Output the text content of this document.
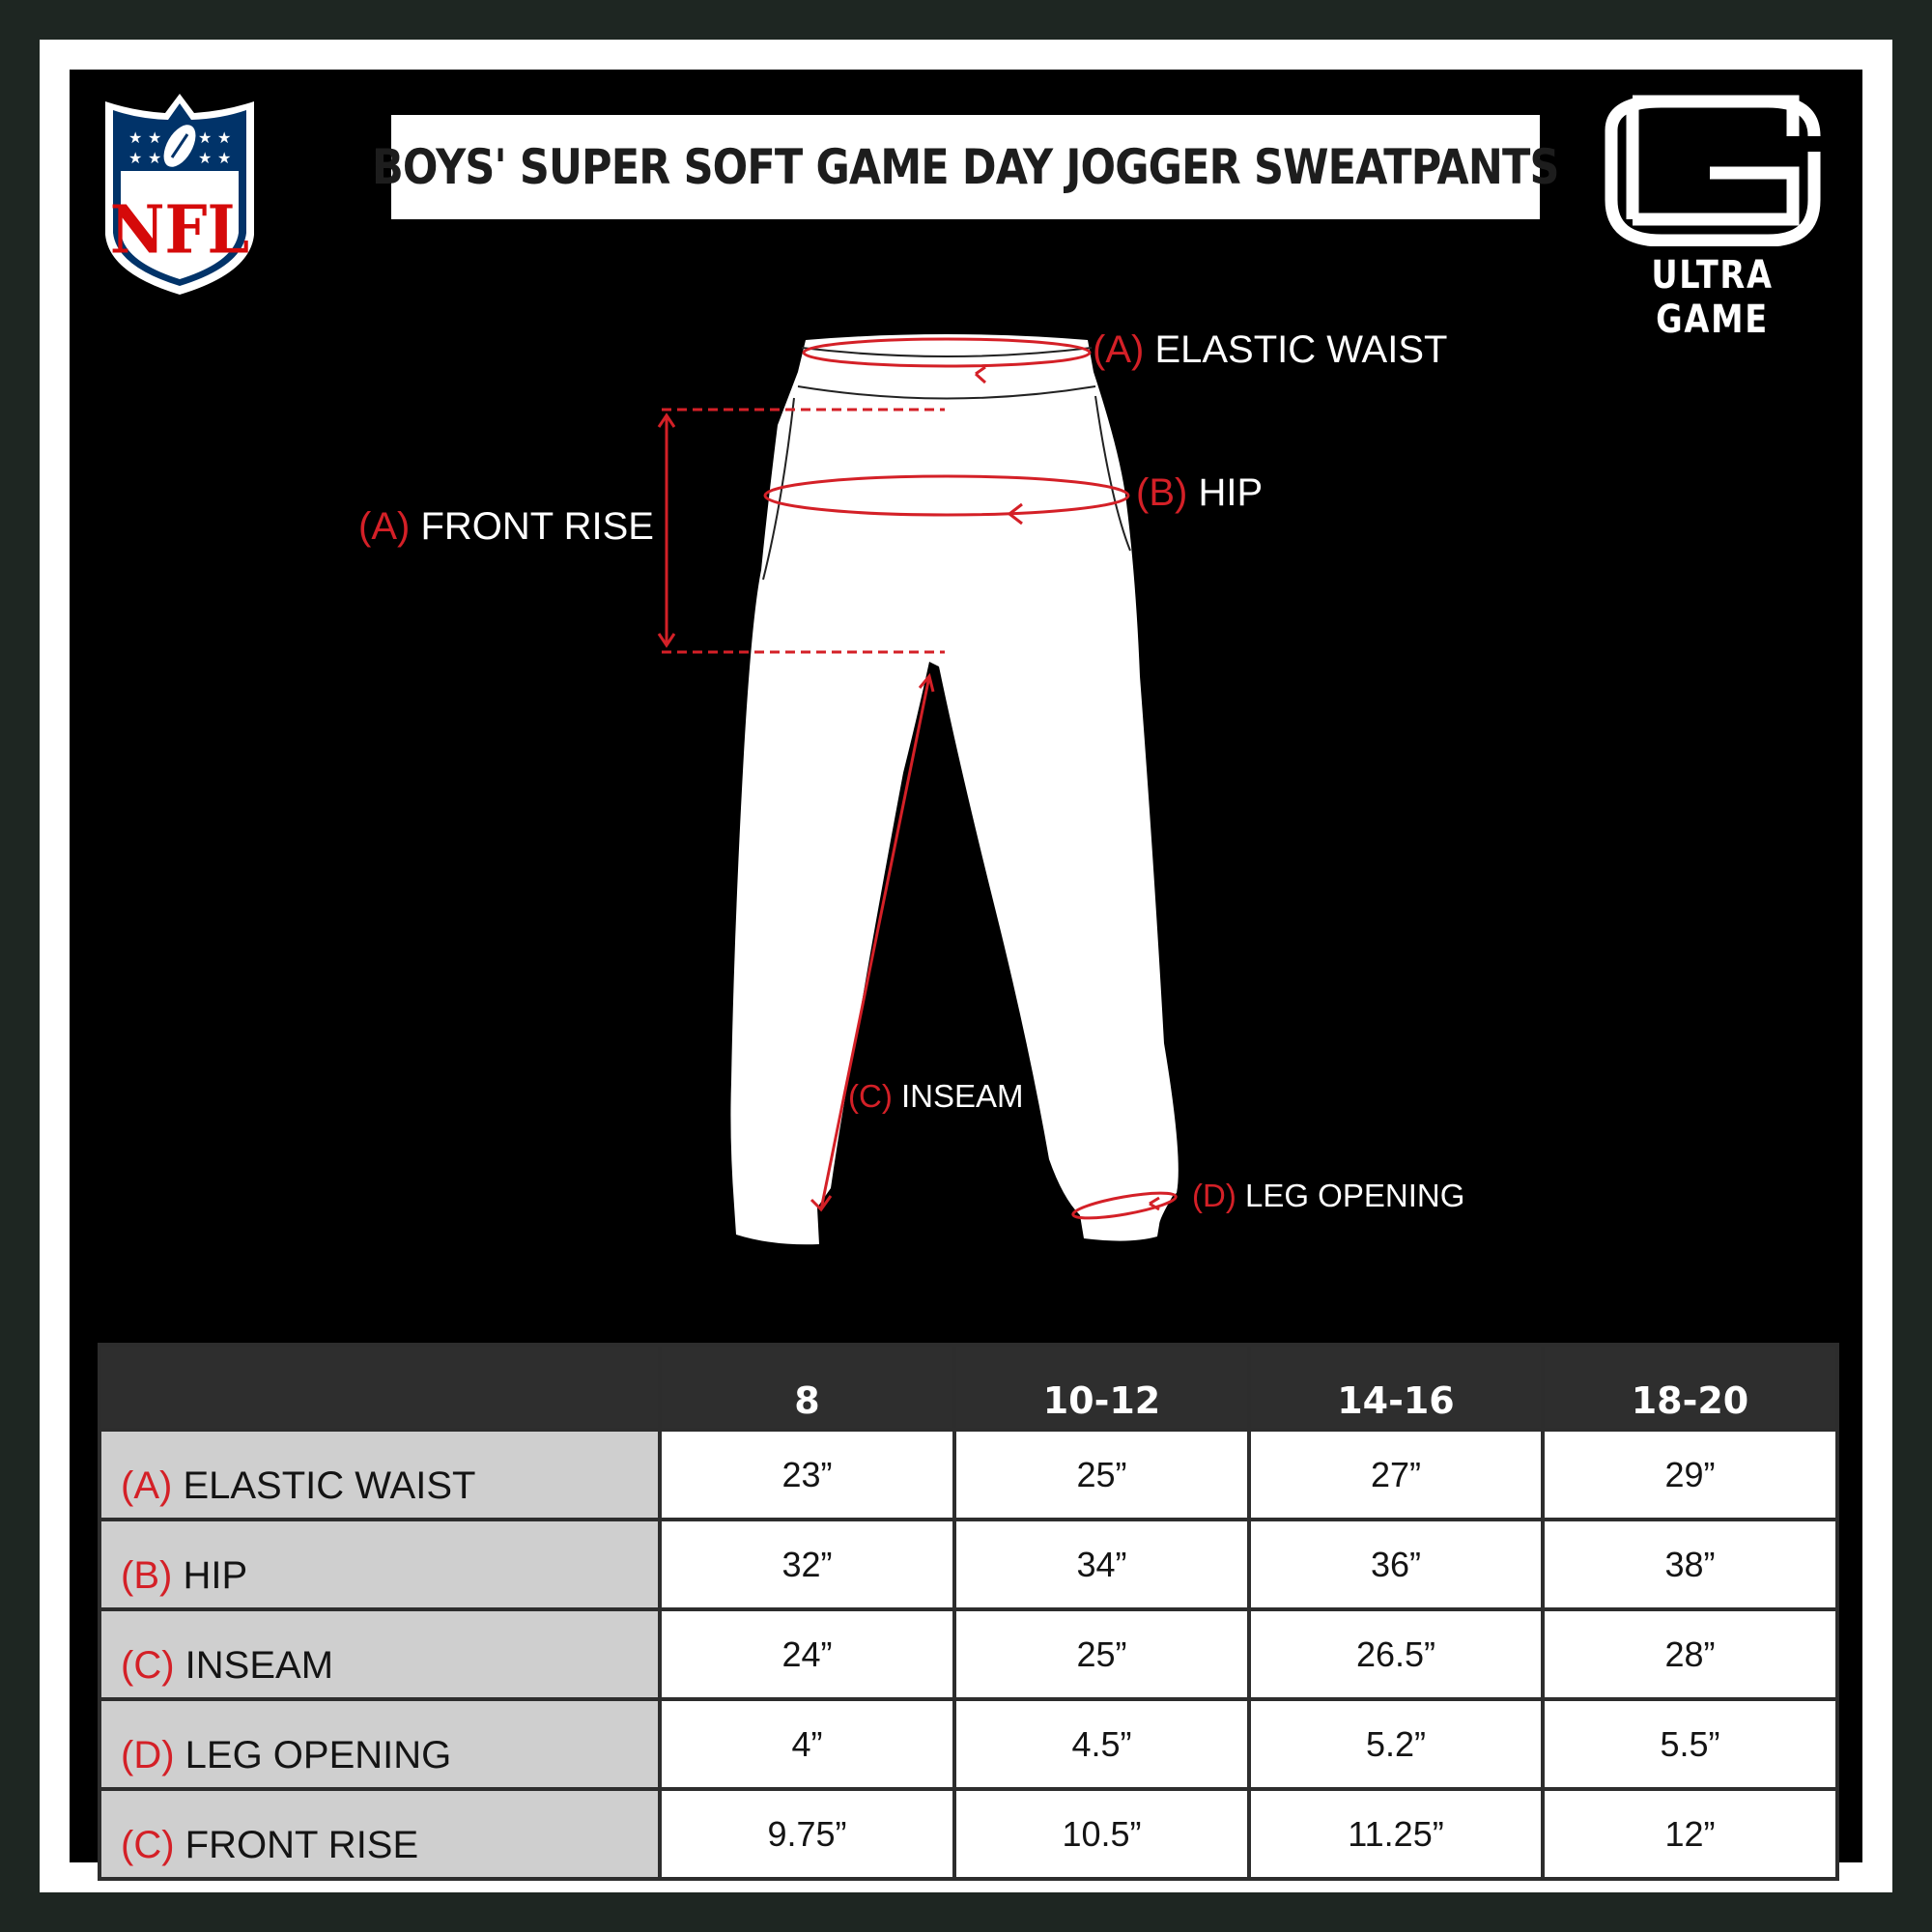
NFL
★ ★
★ ★
★ ★
★ ★	BOYS' SUPER SOFT GAME DAY JOGGER SWEATPANTS
ULTRA GAME
(A) ELASTIC WAIST
(B) HIP
(A) FRONT RISE
(C) INSEAM
(D) LEG OPENING
	8	10-12	14-16	18-20
(A) ELASTIC WAIST	23”	25”	27”	29”
(B) HIP	32”	34”	36”	38”
(C) INSEAM	24”	25”	26.5”	28”
(D) LEG OPENING	4”	4.5”	5.2”	5.5”
(C) FRONT RISE	9.75”	10.5”	11.25”	12”
